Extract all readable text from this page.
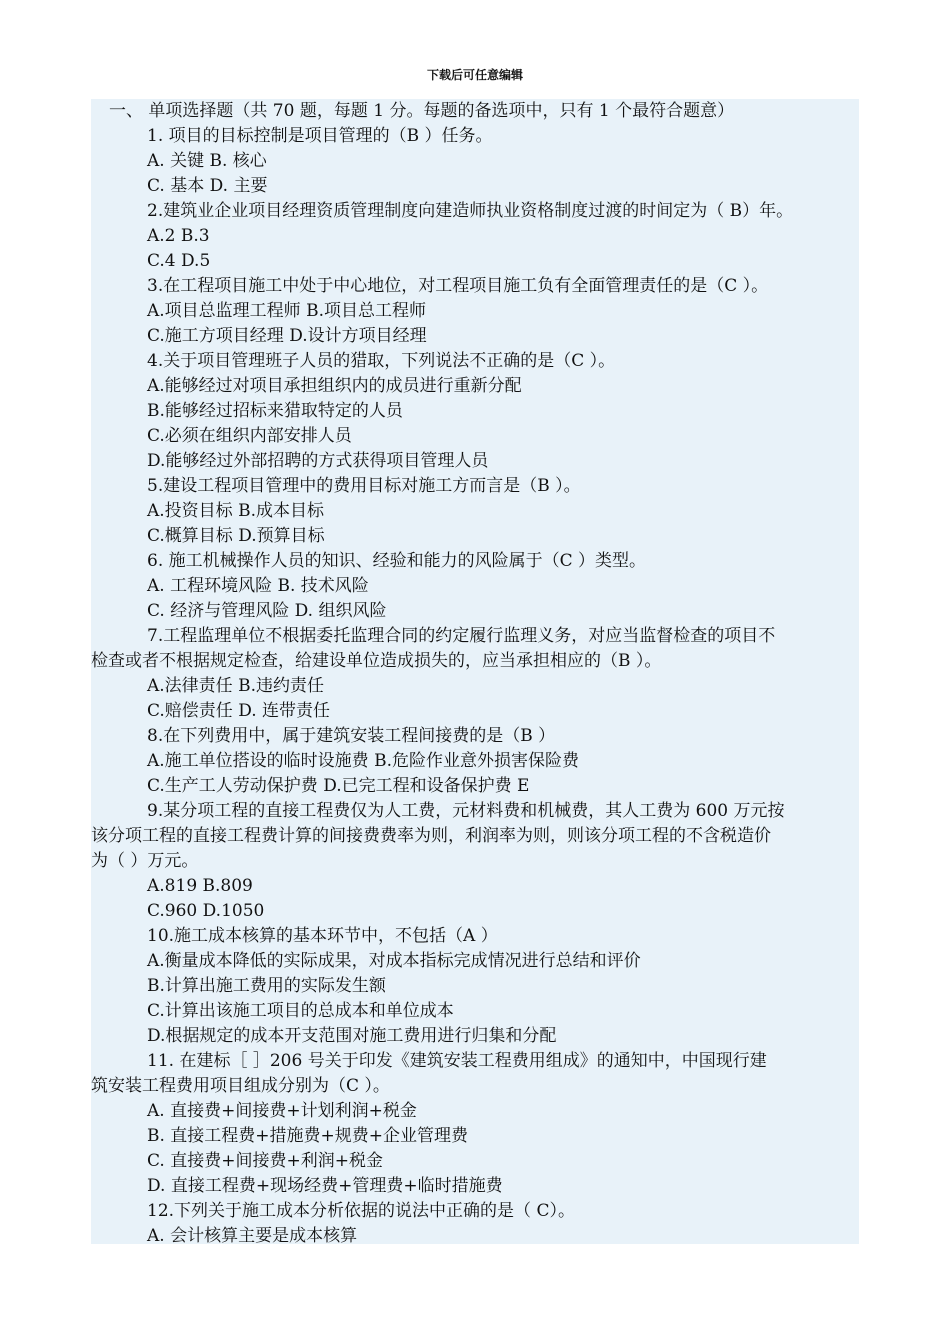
下载后可任意编辑
一、 单项选择题（共 70 题，每题 1 分。每题的备选项中，只有 1 个最符合题意）
1. 项目的目标控制是项目管理的（B ）任务。
A. 关键 B. 核心
C. 基本 D. 主要
2.建筑业企业项目经理资质管理制度向建造师执业资格制度过渡的时间定为（ B）年。
A.2 B.3
C.4 D.5
3.在工程项目施工中处于中心地位，对工程项目施工负有全面管理责任的是（C ）。
A.项目总监理工程师 B.项目总工程师
C.施工方项目经理 D.设计方项目经理
4.关于项目管理班子人员的猎取，下列说法不正确的是（C ）。
A.能够经过对项目承担组织内的成员进行重新分配
B.能够经过招标来猎取特定的人员
C.必须在组织内部安排人员
D.能够经过外部招聘的方式获得项目管理人员
5.建设工程项目管理中的费用目标对施工方而言是（B ）。
A.投资目标 B.成本目标
C.概算目标 D.预算目标
6. 施工机械操作人员的知识、经验和能力的风险属于（C ）类型。
A. 工程环境风险 B. 技术风险
C. 经济与管理风险 D. 组织风险
7.工程监理单位不根据委托监理合同的约定履行监理义务，对应当监督检查的项目不
检查或者不根据规定检查，给建设单位造成损失的，应当承担相应的（B ）。
A.法律责任 B.违约责任
C.赔偿责任 D. 连带责任
8.在下列费用中，属于建筑安装工程间接费的是（B ）
A.施工单位搭设的临时设施费 B.危险作业意外损害保险费
C.生产工人劳动保护费 D.已完工程和设备保护费 E
9.某分项工程的直接工程费仅为人工费，元材料费和机械费，其人工费为 600 万元按
该分项工程的直接工程费计算的间接费费率为则，利润率为则，则该分项工程的不含税造价
为（ ）万元。
A.819 B.809
C.960 D.1050
10.施工成本核算的基本环节中，不包括（A ）
A.衡量成本降低的实际成果，对成本指标完成情况进行总结和评价
B.计算出施工费用的实际发生额
C.计算出该施工项目的总成本和单位成本
D.根据规定的成本开支范围对施工费用进行归集和分配
11. 在建标［ ］206 号关于印发《建筑安装工程费用组成》的通知中，中国现行建
筑安装工程费用项目组成分别为（C ）。
A. 直接费+间接费+计划利润+税金
B. 直接工程费+措施费+规费+企业管理费
C. 直接费+间接费+利润+税金
D. 直接工程费+现场经费+管理费+临时措施费
12.下列关于施工成本分析依据的说法中正确的是（ C）。
A. 会计核算主要是成本核算
